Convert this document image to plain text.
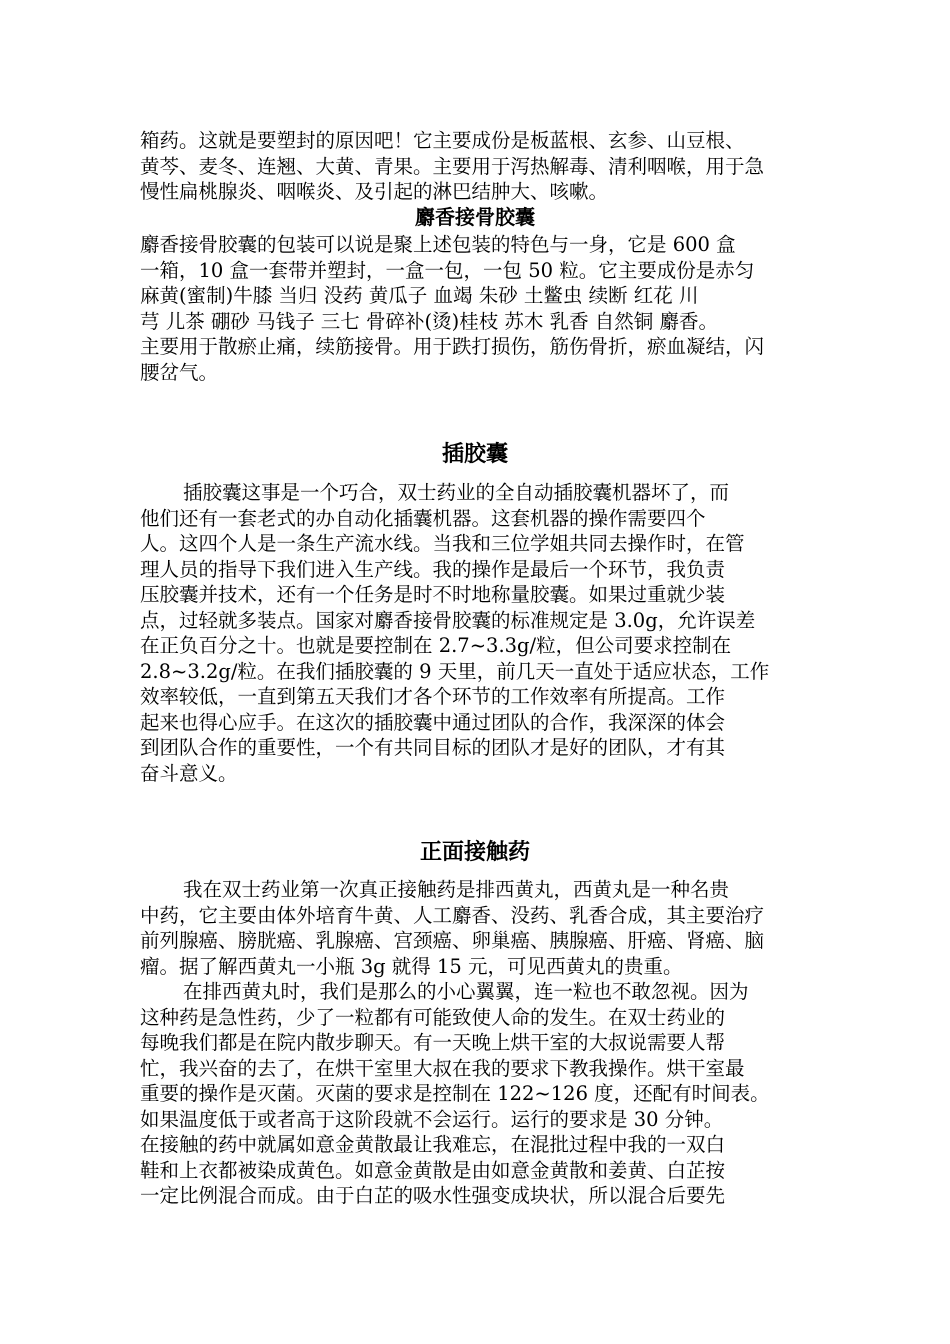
箱药。这就是要塑封的原因吧！它主要成份是板蓝根、玄参、山豆根、
黄芩、麦冬、连翘、大黄、青果。主要用于泻热解毒、清利咽喉，用于急
慢性扁桃腺炎、咽喉炎、及引起的淋巴结肿大、咳嗽。
麝香接骨胶囊
麝香接骨胶囊的包装可以说是聚上述包装的特色与一身，它是 600 盒
一箱，10 盒一套带并塑封，一盒一包，一包 50 粒。它主要成份是赤匀
麻黄(蜜制)牛膝 当归 没药 黄瓜子 血竭 朱砂 土鳖虫 续断 红花 川
芎 儿茶 硼砂 马钱子 三七 骨碎补(烫)桂枝 苏木 乳香 自然铜 麝香。
主要用于散瘀止痛，续筋接骨。用于跌打损伤，筋伤骨折，瘀血凝结，闪
腰岔气。
插胶囊
插胶囊这事是一个巧合，双士药业的全自动插胶囊机器坏了，而
他们还有一套老式的办自动化插囊机器。这套机器的操作需要四个
人。这四个人是一条生产流水线。当我和三位学姐共同去操作时，在管
理人员的指导下我们进入生产线。我的操作是最后一个环节，我负责
压胶囊并技术，还有一个任务是时不时地称量胶囊。如果过重就少装
点，过轻就多装点。国家对麝香接骨胶囊的标准规定是 3.0g，允许误差
在正负百分之十。也就是要控制在 2.7~3.3g/粒，但公司要求控制在
2.8~3.2g/粒。在我们插胶囊的 9 天里，前几天一直处于适应状态，工作
效率较低，一直到第五天我们才各个环节的工作效率有所提高。工作
起来也得心应手。在这次的插胶囊中通过团队的合作，我深深的体会
到团队合作的重要性，一个有共同目标的团队才是好的团队，才有其
奋斗意义。
正面接触药
我在双士药业第一次真正接触药是排西黄丸，西黄丸是一种名贵
中药，它主要由体外培育牛黄、人工麝香、没药、乳香合成，其主要治疗
前列腺癌、膀胱癌、乳腺癌、宫颈癌、卵巢癌、胰腺癌、肝癌、肾癌、脑
瘤。据了解西黄丸一小瓶 3g 就得 15 元，可见西黄丸的贵重。
在排西黄丸时，我们是那么的小心翼翼，连一粒也不敢忽视。因为
这种药是急性药，少了一粒都有可能致使人命的发生。在双士药业的
每晚我们都是在院内散步聊天。有一天晚上烘干室的大叔说需要人帮
忙，我兴奋的去了，在烘干室里大叔在我的要求下教我操作。烘干室最
重要的操作是灭菌。灭菌的要求是控制在 122~126 度，还配有时间表。
如果温度低于或者高于这阶段就不会运行。运行的要求是 30 分钟。
在接触的药中就属如意金黄散最让我难忘，在混批过程中我的一双白
鞋和上衣都被染成黄色。如意金黄散是由如意金黄散和姜黄、白芷按
一定比例混合而成。由于白芷的吸水性强变成块状，所以混合后要先
